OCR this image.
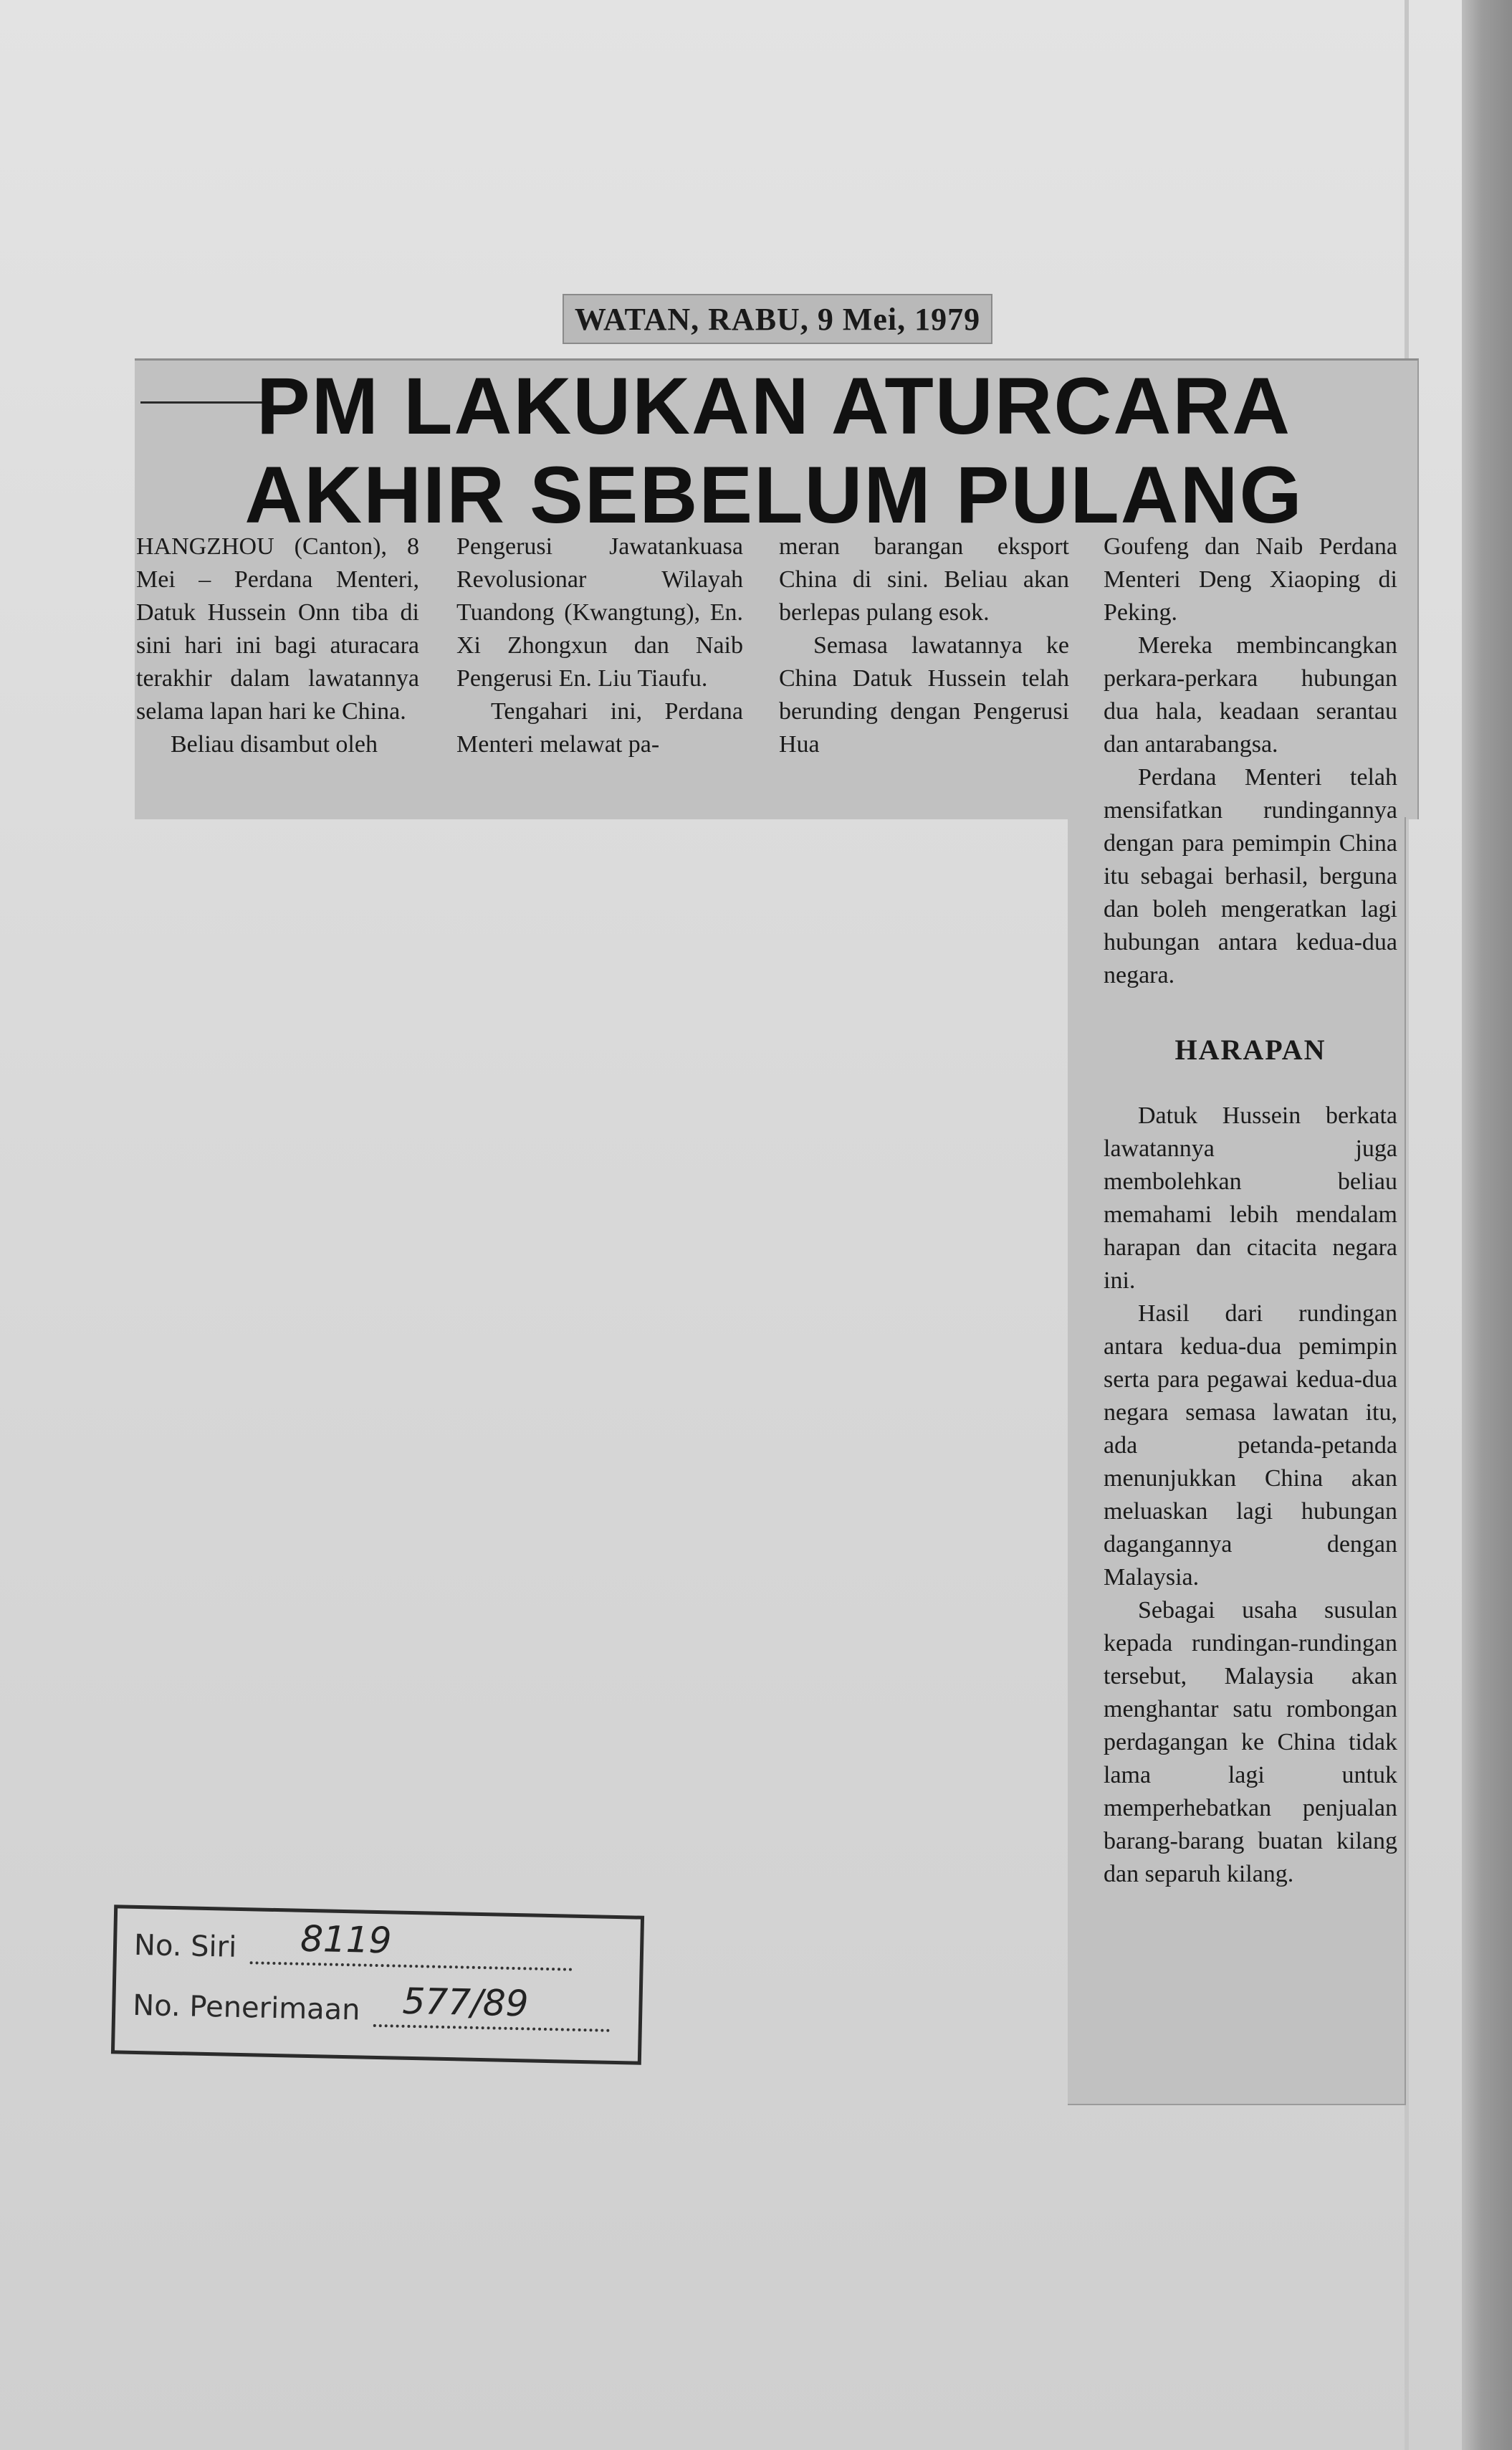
WATAN, RABU, 9 Mei, 1979
PM LAKUKAN ATURCARA
AKHIR SEBELUM PULANG

HANGZHOU (Canton), 8 Mei – Perdana Menteri, Datuk Hussein Onn tiba di sini hari ini bagi aturacara terakhir dalam lawatannya selama lapan hari ke China.

Beliau disambut oleh

Pengerusi Jawatankuasa Revolusionar Wilayah Tuandong (Kwangtung), En. Xi Zhongxun dan Naib Pengerusi En. Liu Tiaufu.

Tengahari ini, Perdana Menteri melawat pa-

meran barangan eksport China di sini. Beliau akan berlepas pulang esok.

Semasa lawatannya ke China Datuk Hussein telah berunding dengan Pengerusi Hua

Goufeng dan Naib Perdana Menteri Deng Xiaoping di Peking.

Mereka membincangkan perkara-perkara hubungan dua hala, keadaan serantau dan antarabangsa.

Perdana Menteri telah mensifatkan rundingannya dengan para pemimpin China itu sebagai berhasil, berguna dan boleh mengeratkan lagi hubungan antara kedua-dua negara.

HARAPAN

Datuk Hussein berkata lawatannya juga membolehkan beliau memahami lebih mendalam harapan dan citacita negara ini.

Hasil dari rundingan antara kedua-dua pemimpin serta para pegawai kedua-dua negara semasa lawatan itu, ada petanda-petanda menunjukkan China akan meluaskan lagi hubungan dagangannya dengan Malaysia.

Sebagai usaha susulan kepada rundingan-rundingan tersebut, Malaysia akan menghantar satu rombongan perdagangan ke China tidak lama lagi untuk memperhebatkan penjualan barang-barang buatan kilang dan separuh kilang.

No. Siri 8119
No. Penerimaan 577/89
